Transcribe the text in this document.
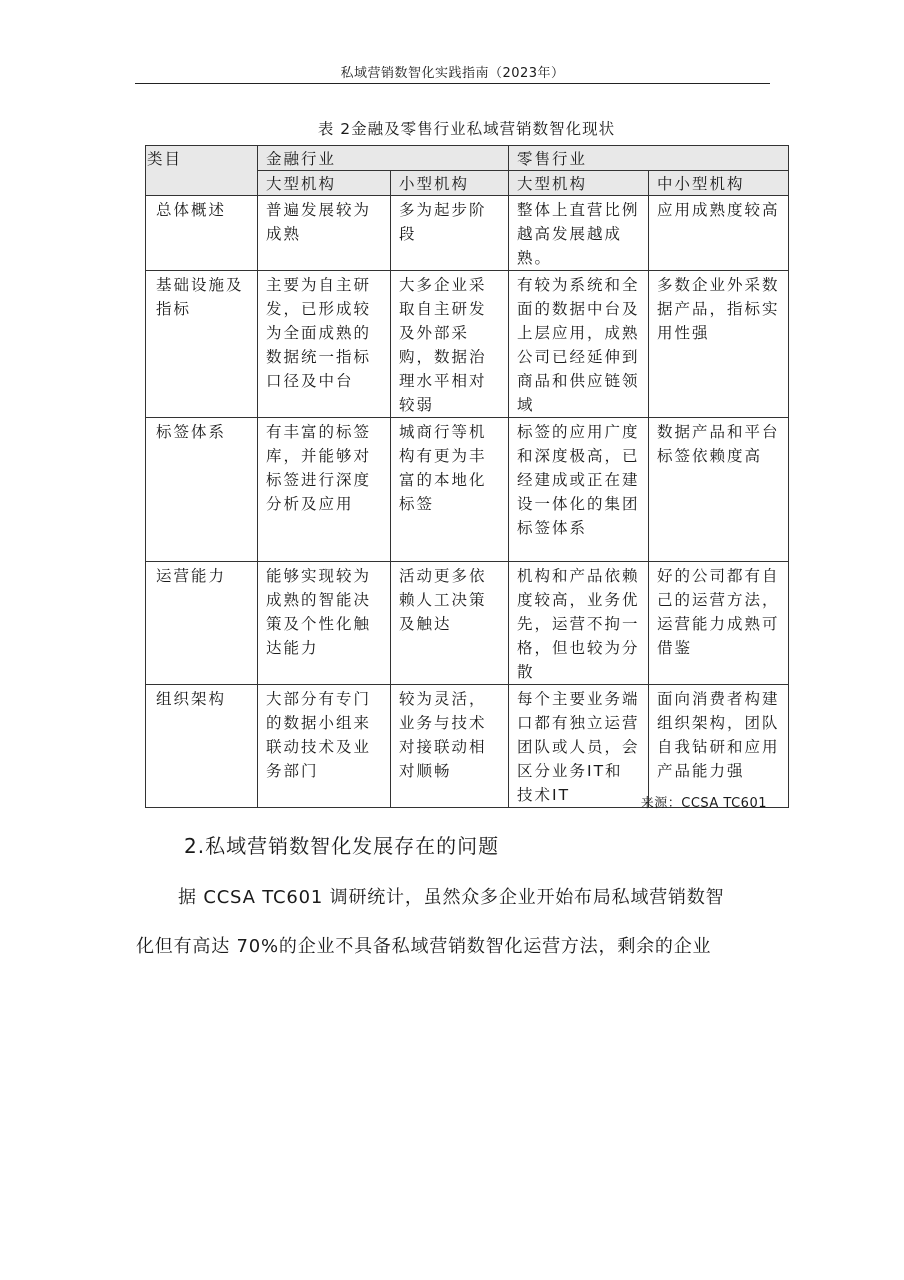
私域营销数智化实践指南（2023年）
表 2金融及零售行业私域营销数智化现状
类目	金融行业		零售行业	
	大型机构	小型机构	大型机构	中小型机构
总体概述	普遍发展较为成熟	多为起步阶段	整体上直营比例越高发展越成熟。	应用成熟度较高
基础设施及指标	主要为自主研发，已形成较为全面成熟的数据统一指标口径及中台	大多企业采取自主研发及外部采购，数据治理水平相对较弱	有较为系统和全面的数据中台及上层应用，成熟公司已经延伸到商品和供应链领域	多数企业外采数据产品，指标实用性强
标签体系	有丰富的标签库，并能够对标签进行深度分析及应用	城商行等机构有更为丰富的本地化标签	标签的应用广度和深度极高，已经建成或正在建设一体化的集团标签体系	数据产品和平台标签依赖度高
运营能力	能够实现较为成熟的智能决策及个性化触达能力	活动更多依赖人工决策及触达	机构和产品依赖度较高，业务优先，运营不拘一格，但也较为分散	好的公司都有自己的运营方法，运营能力成熟可借鉴
组织架构	大部分有专门的数据小组来联动技术及业务部门	较为灵活，业务与技术对接联动相对顺畅	每个主要业务端口都有独立运营团队或人员，会区分业务IT和技术IT	面向消费者构建组织架构，团队自我钻研和应用产品能力强
来源：CCSA TC601
2.私域营销数智化发展存在的问题
据 CCSA TC601 调研统计，虽然众多企业开始布局私域营销数智
化但有高达 70%的企业不具备私域营销数智化运营方法，剩余的企业
